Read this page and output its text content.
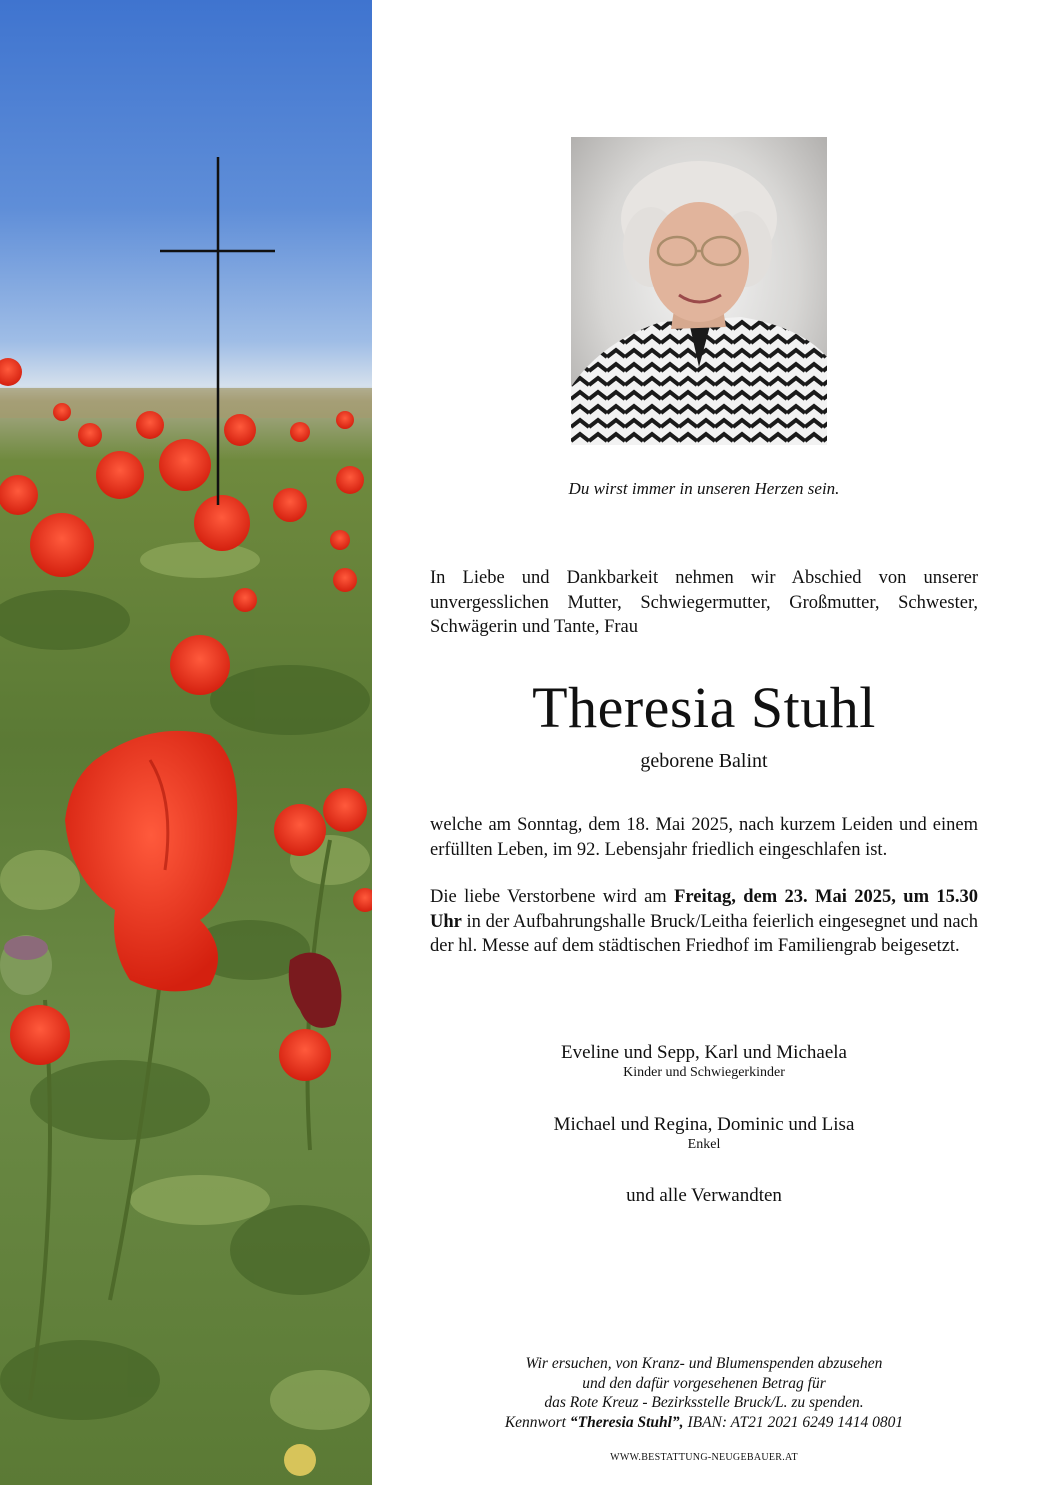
Du wirst immer in unseren Herzen sein.
In Liebe und Dankbarkeit nehmen wir Abschied von unserer unvergesslichen Mutter, Schwiegermutter, Großmutter, Schwester, Schwägerin und Tante, Frau
Theresia Stuhl
geborene Balint
welche am Sonntag, dem 18. Mai 2025, nach kurzem Leiden und einem erfüllten Leben, im 92. Lebensjahr friedlich eingeschlafen ist.
Die liebe Verstorbene wird am Freitag, dem 23. Mai 2025, um 15.30 Uhr in der Aufbahrungshalle Bruck/Leitha feierlich eingesegnet und nach der hl. Messe auf dem städtischen Friedhof im Familiengrab beigesetzt.
Eveline und Sepp, Karl und Michaela
Kinder und Schwiegerkinder
Michael und Regina, Dominic und Lisa
Enkel
und alle Verwandten
Wir ersuchen, von Kranz- und Blumenspenden abzusehen
und den dafür vorgesehenen Betrag für
das Rote Kreuz - Bezirksstelle Bruck/L. zu spenden.
Kennwort “Theresia Stuhl”, IBAN: AT21 2021 6249 1414 0801
WWW.BESTATTUNG-NEUGEBAUER.AT
